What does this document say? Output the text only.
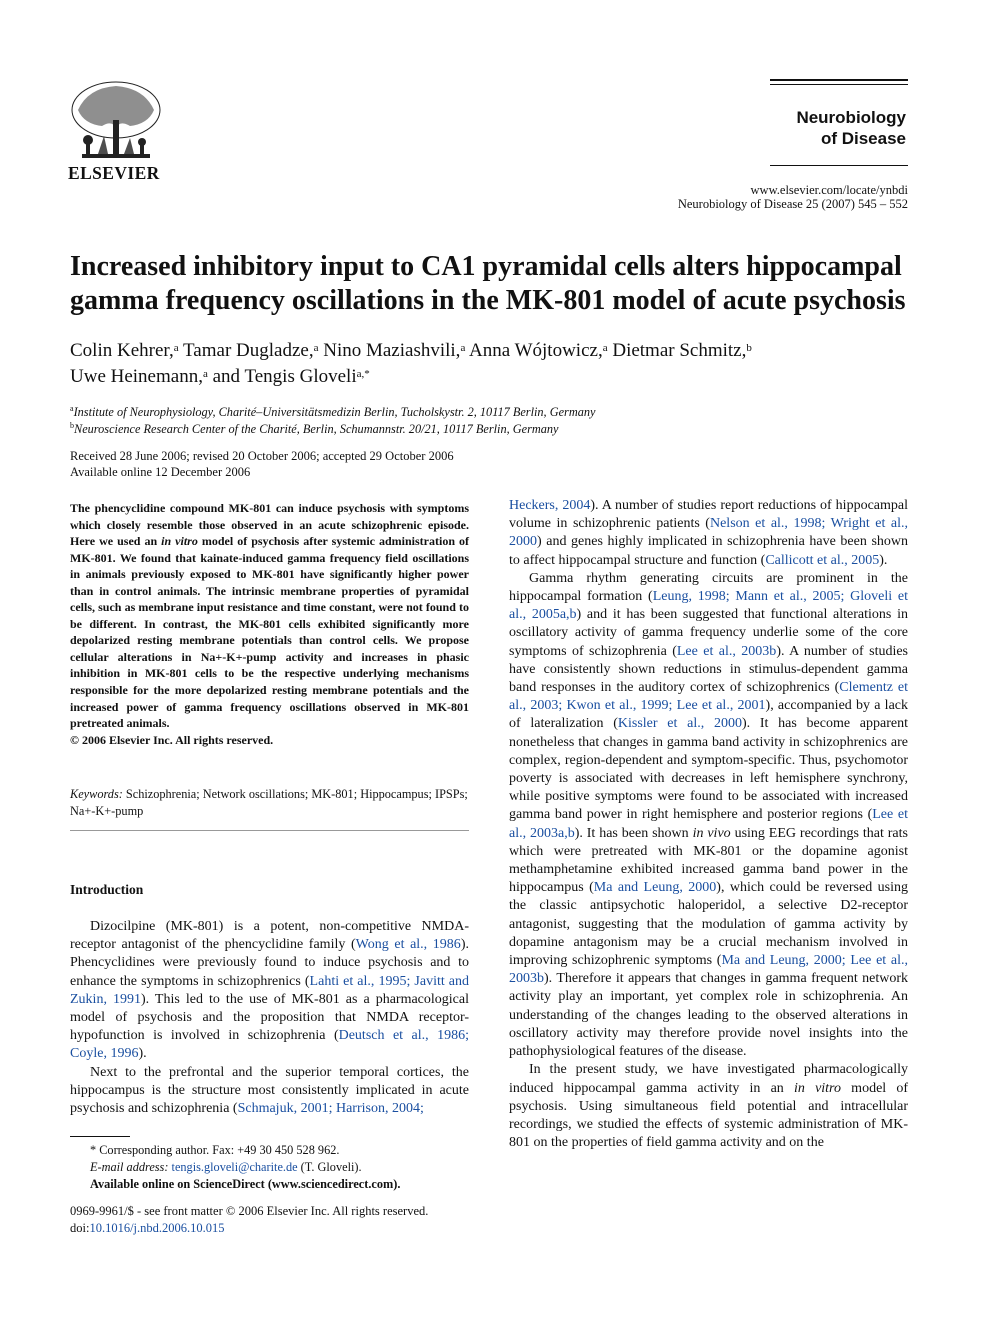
ELSEVIER
Neurobiology
of Disease
www.elsevier.com/locate/ynbdi
Neurobiology of Disease 25 (2007) 545 – 552
Increased inhibitory input to CA1 pyramidal cells alters hippocampal gamma frequency oscillations in the MK-801 model of acute psychosis
Colin Kehrer,$^a$ Tamar Dugladze,$^a$ Nino Maziashvili,$^a$ Anna Wójtowicz,$^a$ Dietmar Schmitz,$^b$
Uwe Heinemann,$^a$ and Tengis Gloveli$^{a,*}$
$^a$Institute of Neurophysiology, Charité–Universitätsmedizin Berlin, Tucholskystr. 2, 10117 Berlin, Germany
$^b$Neuroscience Research Center of the Charité, Berlin, Schumannstr. 20/21, 10117 Berlin, Germany
Received 28 June 2006; revised 20 October 2006; accepted 29 October 2006
Available online 12 December 2006
The phencyclidine compound MK-801 can induce psychosis with symptoms which closely resemble those observed in an acute schizophrenic episode. Here we used an in vitro model of psychosis after systemic administration of MK-801. We found that kainate-induced gamma frequency field oscillations in animals previously exposed to MK-801 have significantly higher power than in control animals. The intrinsic membrane properties of pyramidal cells, such as membrane input resistance and time constant, were not found to be different. In contrast, the MK-801 cells exhibited significantly more depolarized resting membrane potentials than control cells. We propose cellular alterations in Na+-K+-pump activity and increases in phasic inhibition in MK-801 cells to be the respective underlying mechanisms responsible for the more depolarized resting membrane potentials and the increased power of gamma frequency oscillations observed in MK-801 pretreated animals.
© 2006 Elsevier Inc. All rights reserved.
Keywords: Schizophrenia; Network oscillations; MK-801; Hippocampus; IPSPs; Na+-K+-pump
Introduction

Dizocilpine (MK-801) is a potent, non-competitive NMDA-receptor antagonist of the phencyclidine family (Wong et al., 1986). Phencyclidines were previously found to induce psychosis and to enhance the symptoms in schizophrenics (Lahti et al., 1995; Javitt and Zukin, 1991). This led to the use of MK-801 as a pharmacological model of psychosis and the proposition that NMDA receptor-hypofunction is involved in schizophrenia (Deutsch et al., 1986; Coyle, 1996).

Next to the prefrontal and the superior temporal cortices, the hippocampus is the structure most consistently implicated in acute psychosis and schizophrenia (Schmajuk, 2001; Harrison, 2004;

* Corresponding author. Fax: +49 30 450 528 962.
E-mail address: tengis.gloveli@charite.de (T. Gloveli).
Available online on ScienceDirect (www.sciencedirect.com).
0969-9961/$ - see front matter © 2006 Elsevier Inc. All rights reserved.
doi:10.1016/j.nbd.2006.10.015

Heckers, 2004). A number of studies report reductions of hippocampal volume in schizophrenic patients (Nelson et al., 1998; Wright et al., 2000) and genes highly implicated in schizophrenia have been shown to affect hippocampal structure and function (Callicott et al., 2005).

Gamma rhythm generating circuits are prominent in the hippocampal formation (Leung, 1998; Mann et al., 2005; Gloveli et al., 2005a,b) and it has been suggested that functional alterations in oscillatory activity of gamma frequency underlie some of the core symptoms of schizophrenia (Lee et al., 2003b). A number of studies have consistently shown reductions in stimulus-dependent gamma band responses in the auditory cortex of schizophrenics (Clementz et al., 2003; Kwon et al., 1999; Lee et al., 2001), accompanied by a lack of lateralization (Kissler et al., 2000). It has become apparent nonetheless that changes in gamma band activity in schizophrenics are complex, region-dependent and symptom-specific. Thus, psychomotor poverty is associated with decreases in left hemisphere synchrony, while positive symptoms were found to be associated with increased gamma band power in right hemisphere and posterior regions (Lee et al., 2003a,b). It has been shown in vivo using EEG recordings that rats which were pretreated with MK-801 or the dopamine agonist methamphetamine exhibited increased gamma band power in the hippocampus (Ma and Leung, 2000), which could be reversed using the classic antipsychotic haloperidol, a selective D2-receptor antagonist, suggesting that the modulation of gamma activity by dopamine antagonism may be a crucial mechanism involved in improving schizophrenic symptoms (Ma and Leung, 2000; Lee et al., 2003b). Therefore it appears that changes in gamma frequent network activity play an important, yet complex role in schizophrenia. An understanding of the changes leading to the observed alterations in oscillatory activity may therefore provide novel insights into the pathophysiological features of the disease.

In the present study, we have investigated pharmacologically induced hippocampal gamma activity in an in vitro model of psychosis. Using simultaneous field potential and intracellular recordings, we studied the effects of systemic administration of MK-801 on the properties of field gamma activity and on the
